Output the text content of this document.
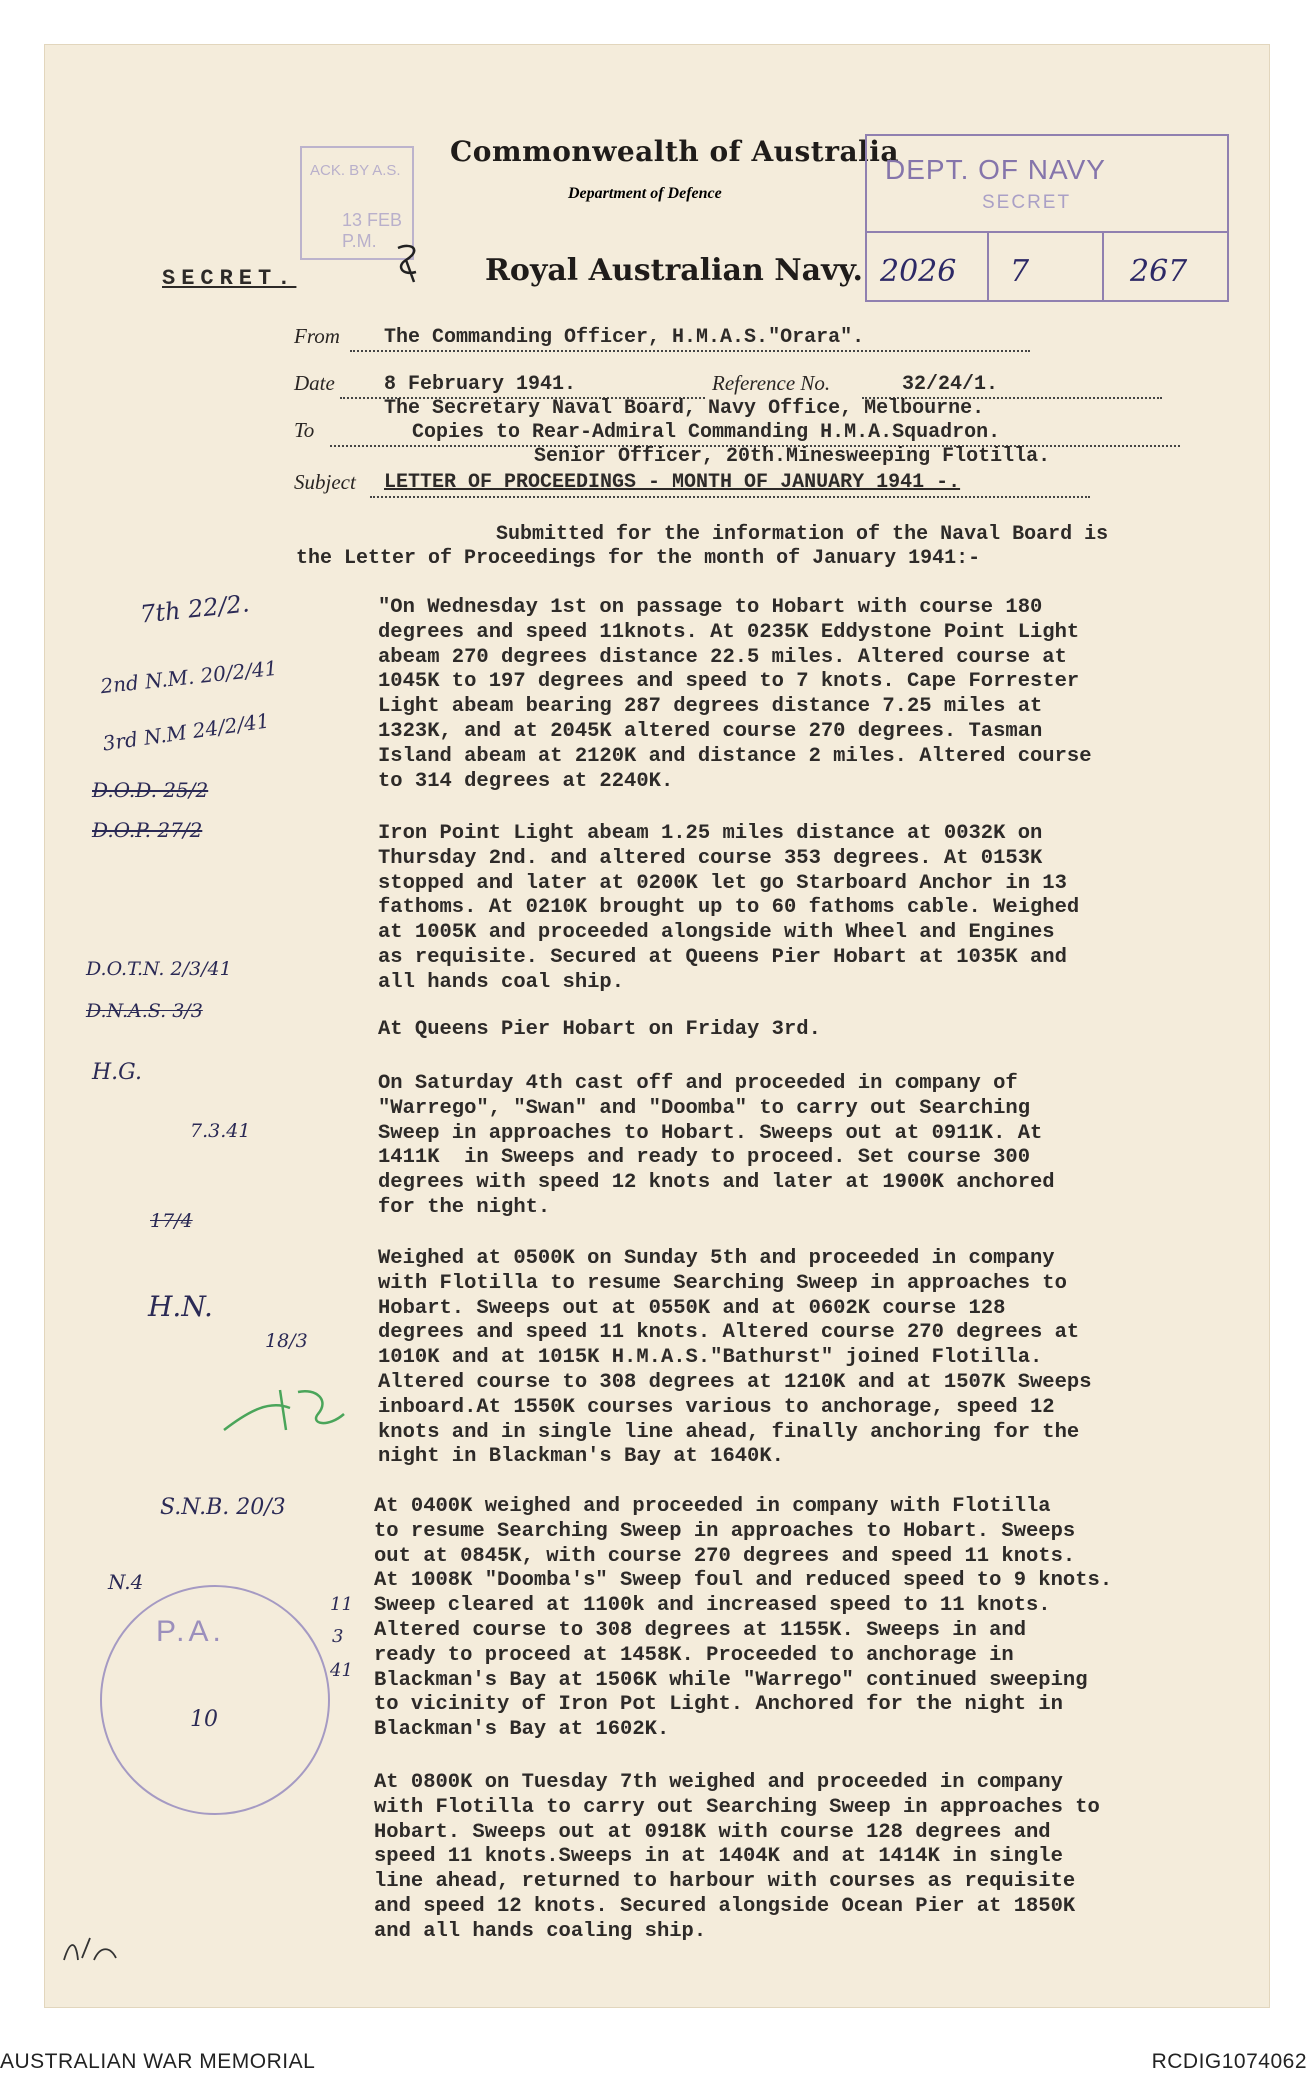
ACK. BY A.S.
13 FEB P.M.
Commonwealth of Australia
Department of Defence
SECRET.	Royal Australian Navy.
DEPT. OF NAVY
SECRET
2026 7	267
From The Commanding Officer, H.M.A.S."Orara".
Date 8 February 1941.	Reference No.	32/24/1.
The Secretary Naval Board, Navy Office, Melbourne.
To	Copies to Rear-Admiral Commanding H.M.A.Squadron.
Senior Officer, 20th.Minesweeping Flotilla.
Subject LETTER OF PROCEEDINGS - MONTH OF JANUARY 1941 -.
Submitted for the information of the Naval Board is
the Letter of Proceedings for the month of January 1941:-

"On Wednesday 1st on passage to Hobart with course 180
degrees and speed 11knots. At 0235K Eddystone Point Light
abeam 270 degrees distance 22.5 miles. Altered course at
1045K to 197 degrees and speed to 7 knots. Cape Forrester
Light abeam bearing 287 degrees distance 7.25 miles at
1323K, and at 2045K altered course 270 degrees. Tasman
Island abeam at 2120K and distance 2 miles. Altered course
to 314 degrees at 2240K.

Iron Point Light abeam 1.25 miles distance at 0032K on
Thursday 2nd. and altered course 353 degrees. At 0153K
stopped and later at 0200K let go Starboard Anchor in 13
fathoms. At 0210K brought up to 60 fathoms cable. Weighed
at 1005K and proceeded alongside with Wheel and Engines
as requisite. Secured at Queens Pier Hobart at 1035K and
all hands coal ship.

At Queens Pier Hobart on Friday 3rd.

On Saturday 4th cast off and proceeded in company of
"Warrego", "Swan" and "Doomba" to carry out Searching
Sweep in approaches to Hobart. Sweeps out at 0911K. At
1411K  in Sweeps and ready to proceed. Set course 300
degrees with speed 12 knots and later at 1900K anchored
for the night.

Weighed at 0500K on Sunday 5th and proceeded in company
with Flotilla to resume Searching Sweep in approaches to
Hobart. Sweeps out at 0550K and at 0602K course 128
degrees and speed 11 knots. Altered course 270 degrees at
1010K and at 1015K H.M.A.S."Bathurst" joined Flotilla.
Altered course to 308 degrees at 1210K and at 1507K Sweeps
inboard.At 1550K courses various to anchorage, speed 12
knots and in single line ahead, finally anchoring for the
night in Blackman's Bay at 1640K.

At 0400K weighed and proceeded in company with Flotilla
to resume Searching Sweep in approaches to Hobart. Sweeps
out at 0845K, with course 270 degrees and speed 11 knots.
At 1008K "Doomba's" Sweep foul and reduced speed to 9 knots.
Sweep cleared at 1100k and increased speed to 11 knots.
Altered course to 308 degrees at 1155K. Sweeps in and
ready to proceed at 1458K. Proceeded to anchorage in
Blackman's Bay at 1506K while "Warrego" continued sweeping
to vicinity of Iron Pot Light. Anchored for the night in
Blackman's Bay at 1602K.

At 0800K on Tuesday 7th weighed and proceeded in company
with Flotilla to carry out Searching Sweep in approaches to
Hobart. Sweeps out at 0918K with course 128 degrees and
speed 11 knots.Sweeps in at 1404K and at 1414K in single
line ahead, returned to harbour with courses as requisite
and speed 12 knots. Secured alongside Ocean Pier at 1850K
and all hands coaling ship.

7th 22/2.
2nd N.M. 20/2/41
3rd N.M 24/2/41
D.O.D. 25/2
D.O.P. 27/2
D.O.T.N. 2/3/41
D.N.A.S. 3/3
H.G.
7.3.41
17/4
H.N.
18/3
S.N.B. 20/3
N.4
P.A.
10
11
3
41
AUSTRALIAN WAR MEMORIAL	RCDIG1074062
